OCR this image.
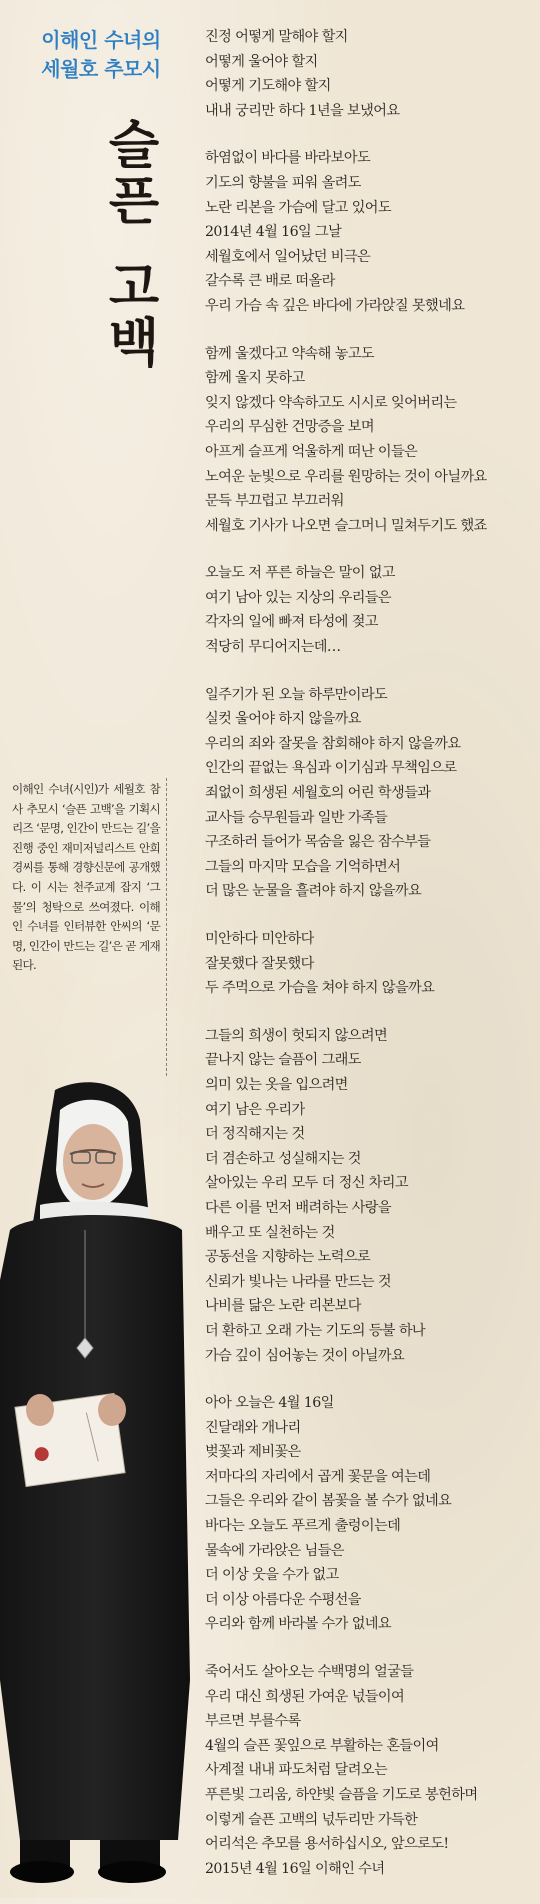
이해인 수녀의
세월호 추모시
슬
픈
고
백
진정 어떻게 말해야 할지
어떻게 울어야 할지
어떻게 기도해야 할지
내내 궁리만 하다 1년을 보냈어요
하염없이 바다를 바라보아도
기도의 향불을 피워 올려도
노란 리본을 가슴에 달고 있어도
2014년 4월 16일 그날
세월호에서 일어났던 비극은
갈수록 큰 배로 떠올라
우리 가슴 속 깊은 바다에 가라앉질 못했네요
함께 울겠다고 약속해 놓고도
함께 울지 못하고
잊지 않겠다 약속하고도 시시로 잊어버리는
우리의 무심한 건망증을 보며
아프게 슬프게 억울하게 떠난 이들은
노여운 눈빛으로 우리를 원망하는 것이 아닐까요
문득 부끄럽고 부끄러워
세월호 기사가 나오면 슬그머니 밀쳐두기도 했죠
오늘도 저 푸른 하늘은 말이 없고
여기 남아 있는 지상의 우리들은
각자의 일에 빠져 타성에 젖고
적당히 무디어지는데…
일주기가 된 오늘 하루만이라도
실컷 울어야 하지 않을까요
우리의 죄와 잘못을 참회해야 하지 않을까요
인간의 끝없는 욕심과 이기심과 무책임으로
죄없이 희생된 세월호의 어린 학생들과
교사들 승무원들과 일반 가족들
구조하러 들어가 목숨을 잃은 잠수부들
그들의 마지막 모습을 기억하면서
더 많은 눈물을 흘려야 하지 않을까요
미안하다 미안하다
잘못했다 잘못했다
두 주먹으로 가슴을 쳐야 하지 않을까요
그들의 희생이 헛되지 않으려면
끝나지 않는 슬픔이 그래도
의미 있는 옷을 입으려면
여기 남은 우리가
더 정직해지는 것
더 겸손하고 성실해지는 것
살아있는 우리 모두 더 정신 차리고
다른 이를 먼저 배려하는 사랑을
배우고 또 실천하는 것
공동선을 지향하는 노력으로
신뢰가 빛나는 나라를 만드는 것
나비를 닮은 노란 리본보다
더 환하고 오래 가는 기도의 등불 하나
가슴 깊이 심어놓는 것이 아닐까요
아아 오늘은 4월 16일
진달래와 개나리
벚꽃과 제비꽃은
저마다의 자리에서 곱게 꽃문을 여는데
그들은 우리와 같이 봄꽃을 볼 수가 없네요
바다는 오늘도 푸르게 출렁이는데
물속에 가라앉은 님들은
더 이상 웃을 수가 없고
더 이상 아름다운 수평선을
우리와 함께 바라볼 수가 없네요
죽어서도 살아오는 수백명의 얼굴들
우리 대신 희생된 가여운 넋들이여
부르면 부를수록
4월의 슬픈 꽃잎으로 부활하는 혼들이여
사계절 내내 파도처럼 달려오는
푸른빛 그리움, 하얀빛 슬픔을 기도로 봉헌하며
이렇게 슬픈 고백의 넋두리만 가득한
어리석은 추모를 용서하십시오, 앞으로도!
2015년 4월 16일 이해인 수녀
이해인 수녀(시인)가 세월호 참사 추모시 ‘슬픈 고백’을 기획시리즈 ‘문명, 인간이 만드는 길’을 진행 중인 재미저널리스트 안희경씨를 통해 경향신문에 공개했다. 이 시는 천주교계 잡지 ‘그물’의 청탁으로 쓰여졌다. 이해인 수녀를 인터뷰한 안씨의 ‘문명, 인간이 만드는 길’은 곧 게재된다.
